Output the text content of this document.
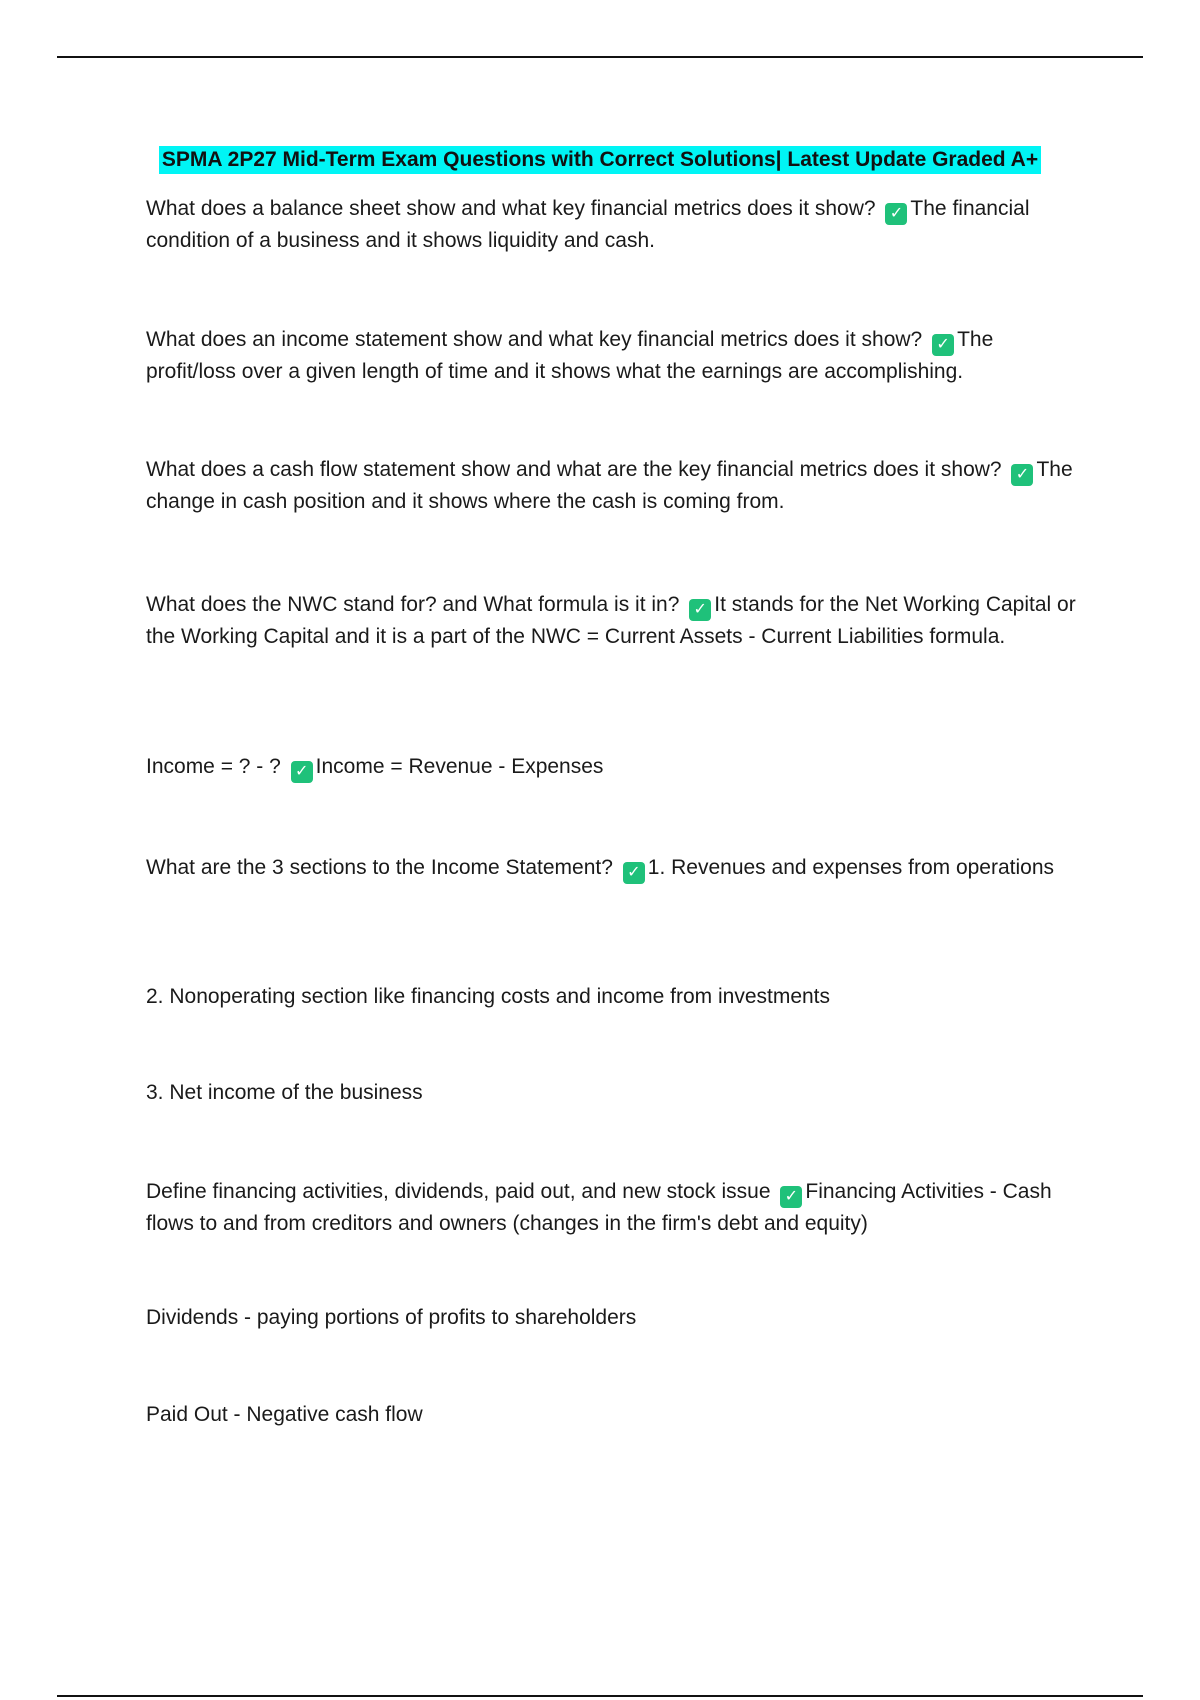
SPMA 2P27 Mid-Term Exam Questions with Correct Solutions| Latest Update Graded A+
What does a balance sheet show and what key financial metrics does it show? ✓ The financial condition of a business and it shows liquidity and cash.
What does an income statement show and what key financial metrics does it show? ✓ The profit/loss over a given length of time and it shows what the earnings are accomplishing.
What does a cash flow statement show and what are the key financial metrics does it show? ✓ The change in cash position and it shows where the cash is coming from.
What does the NWC stand for? and What formula is it in? ✓ It stands for the Net Working Capital or the Working Capital and it is a part of the NWC = Current Assets - Current Liabilities formula.
Income = ? - ? ✓ Income = Revenue - Expenses
What are the 3 sections to the Income Statement? ✓ 1. Revenues and expenses from operations
2. Nonoperating section like financing costs and income from investments
3. Net income of the business
Define financing activities, dividends, paid out, and new stock issue ✓ Financing Activities - Cash flows to and from creditors and owners (changes in the firm's debt and equity)
Dividends - paying portions of profits to shareholders
Paid Out - Negative cash flow
